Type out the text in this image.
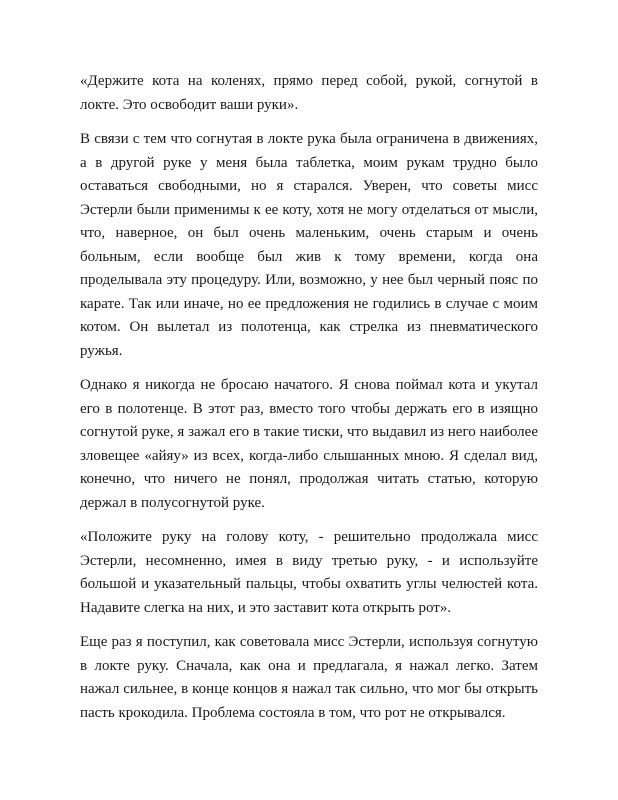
«Держите кота на коленях, прямо перед собой, рукой, согнутой в локте. Это освободит ваши руки».

В связи с тем что согнутая в локте рука была ограничена в движениях, а в другой руке у меня была таблетка, моим рукам трудно было оставаться свободными, но я старался. Уверен, что советы мисс Эстерли были применимы к ее коту, хотя не могу отделаться от мысли, что, наверное, он был очень маленьким, очень старым и очень больным, если вообще был жив к тому времени, когда она проделывала эту процедуру. Или, возможно, у нее был черный пояс по карате. Так или иначе, но ее предложения не годились в случае с моим котом. Он вылетал из полотенца, как стрелка из пневматического ружья.

Однако я никогда не бросаю начатого. Я снова поймал кота и укутал его в полотенце. В этот раз, вместо того чтобы держать его в изящно согнутой руке, я зажал его в такие тиски, что выдавил из него наиболее зловещее «айяу» из всех, когда-либо слышанных мною. Я сделал вид, конечно, что ничего не понял, продолжая читать статью, которую держал в полусогнутой руке.

«Положите руку на голову коту, - решительно продолжала мисс Эстерли, несомненно, имея в виду третью руку, - и используйте большой и указательный пальцы, чтобы охватить углы челюстей кота. Надавите слегка на них, и это заставит кота открыть рот».

Еще раз я поступил, как советовала мисс Эстерли, используя согнутую в локте руку. Сначала, как она и предлагала, я нажал легко. Затем нажал сильнее, в конце концов я нажал так сильно, что мог бы открыть пасть крокодила. Проблема состояла в том, что рот не открывался.
